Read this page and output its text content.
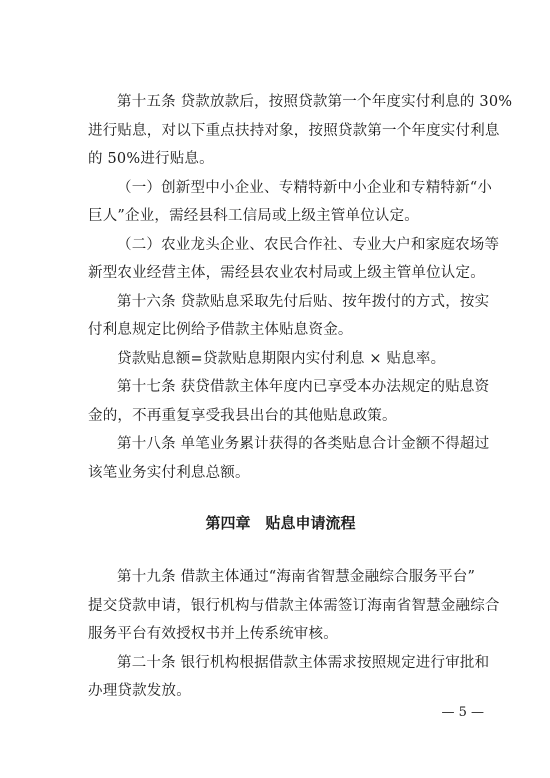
第十五条 贷款放款后，按照贷款第一个年度实付利息的 30%
进行贴息，对以下重点扶持对象，按照贷款第一个年度实付利息
的 50%进行贴息。

（一）创新型中小企业、专精特新中小企业和专精特新“小
巨人”企业，需经县科工信局或上级主管单位认定。

（二）农业龙头企业、农民合作社、专业大户和家庭农场等
新型农业经营主体，需经县农业农村局或上级主管单位认定。

第十六条 贷款贴息采取先付后贴、按年拨付的方式，按实
付利息规定比例给予借款主体贴息资金。

贷款贴息额=贷款贴息期限内实付利息 × 贴息率。

第十七条 获贷借款主体年度内已享受本办法规定的贴息资
金的，不再重复享受我县出台的其他贴息政策。

第十八条 单笔业务累计获得的各类贴息合计金额不得超过
该笔业务实付利息总额。

第四章　贴息申请流程

第十九条 借款主体通过“海南省智慧金融综合服务平台”
提交贷款申请，银行机构与借款主体需签订海南省智慧金融综合
服务平台有效授权书并上传系统审核。

第二十条 银行机构根据借款主体需求按照规定进行审批和
办理贷款发放。

— 5 —
